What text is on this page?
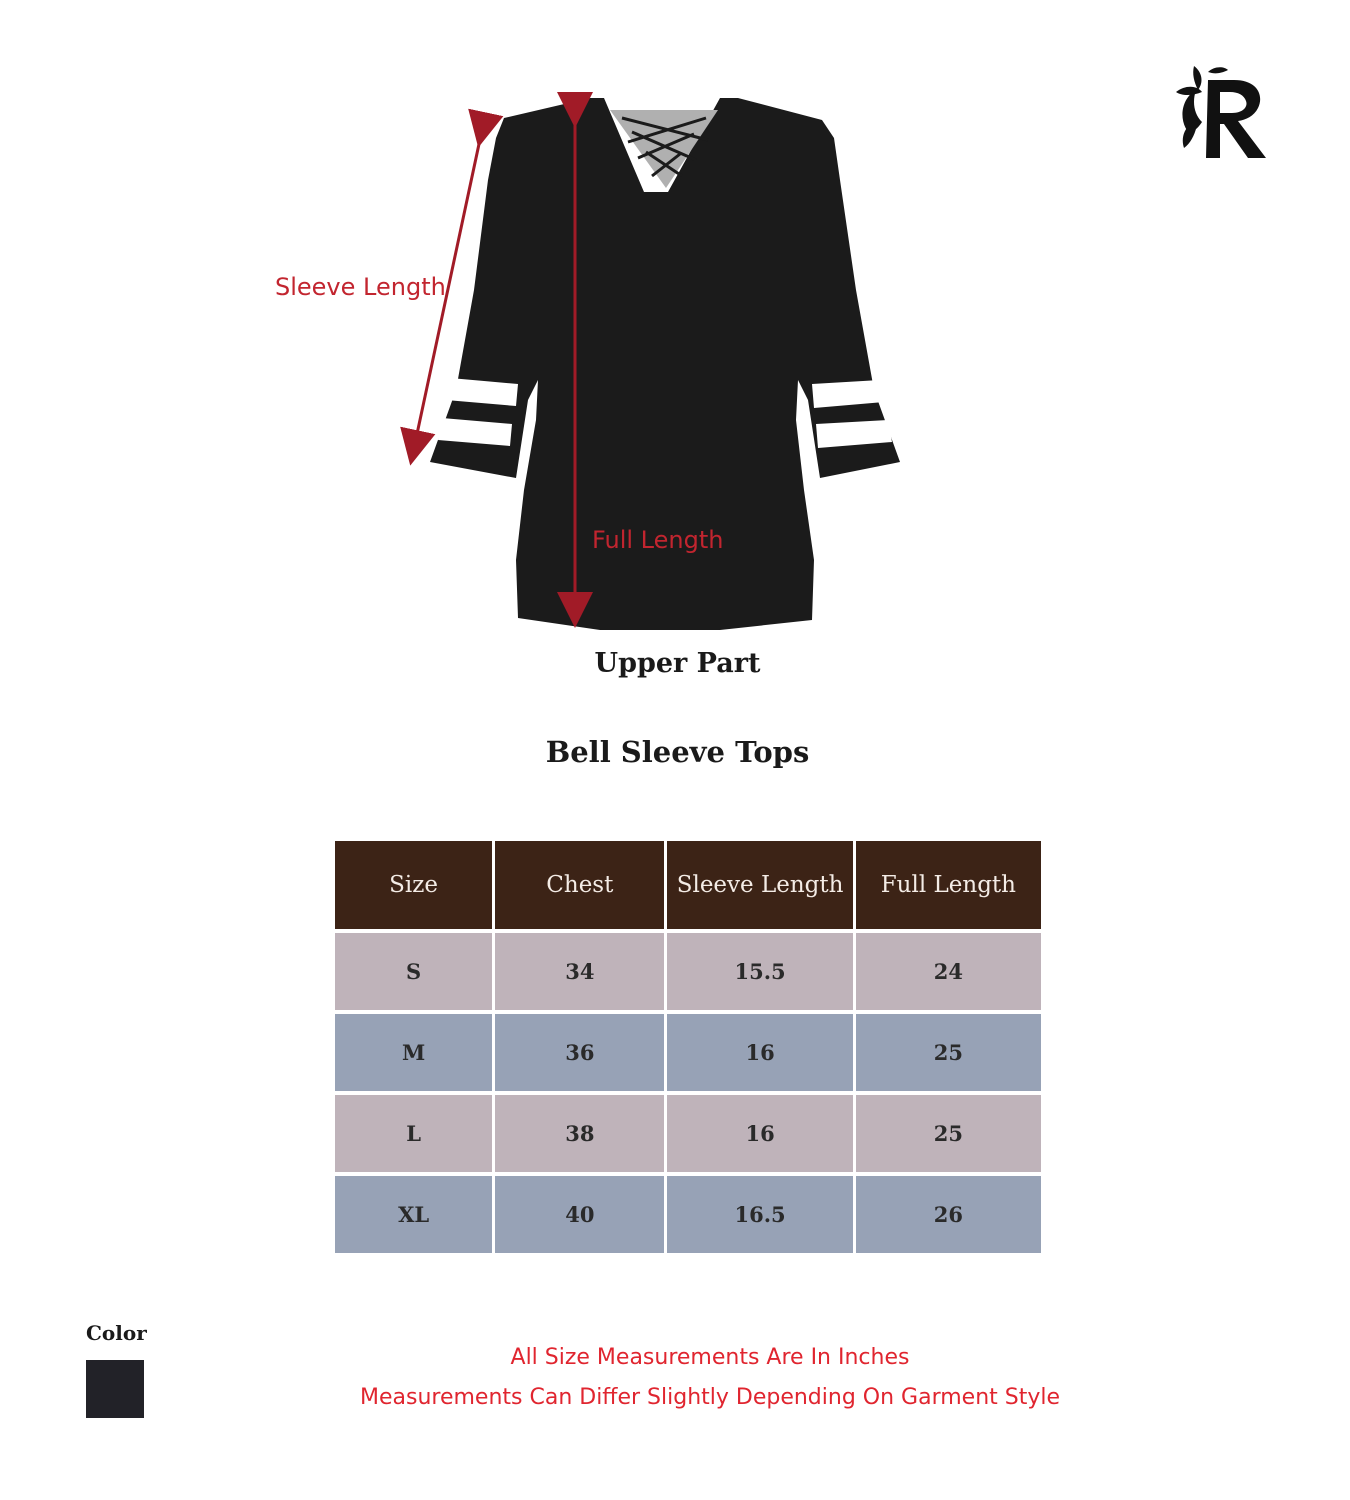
Sleeve Length
Full Length
Upper Part
Bell Sleeve Tops
Size	Chest	Sleeve Length	Full Length
S	34	15.5	24
M	36	16	25
L	38	16	25
XL	40	16.5	26
Color
All Size Measurements Are In Inches
Measurements Can Differ Slightly Depending On Garment Style
